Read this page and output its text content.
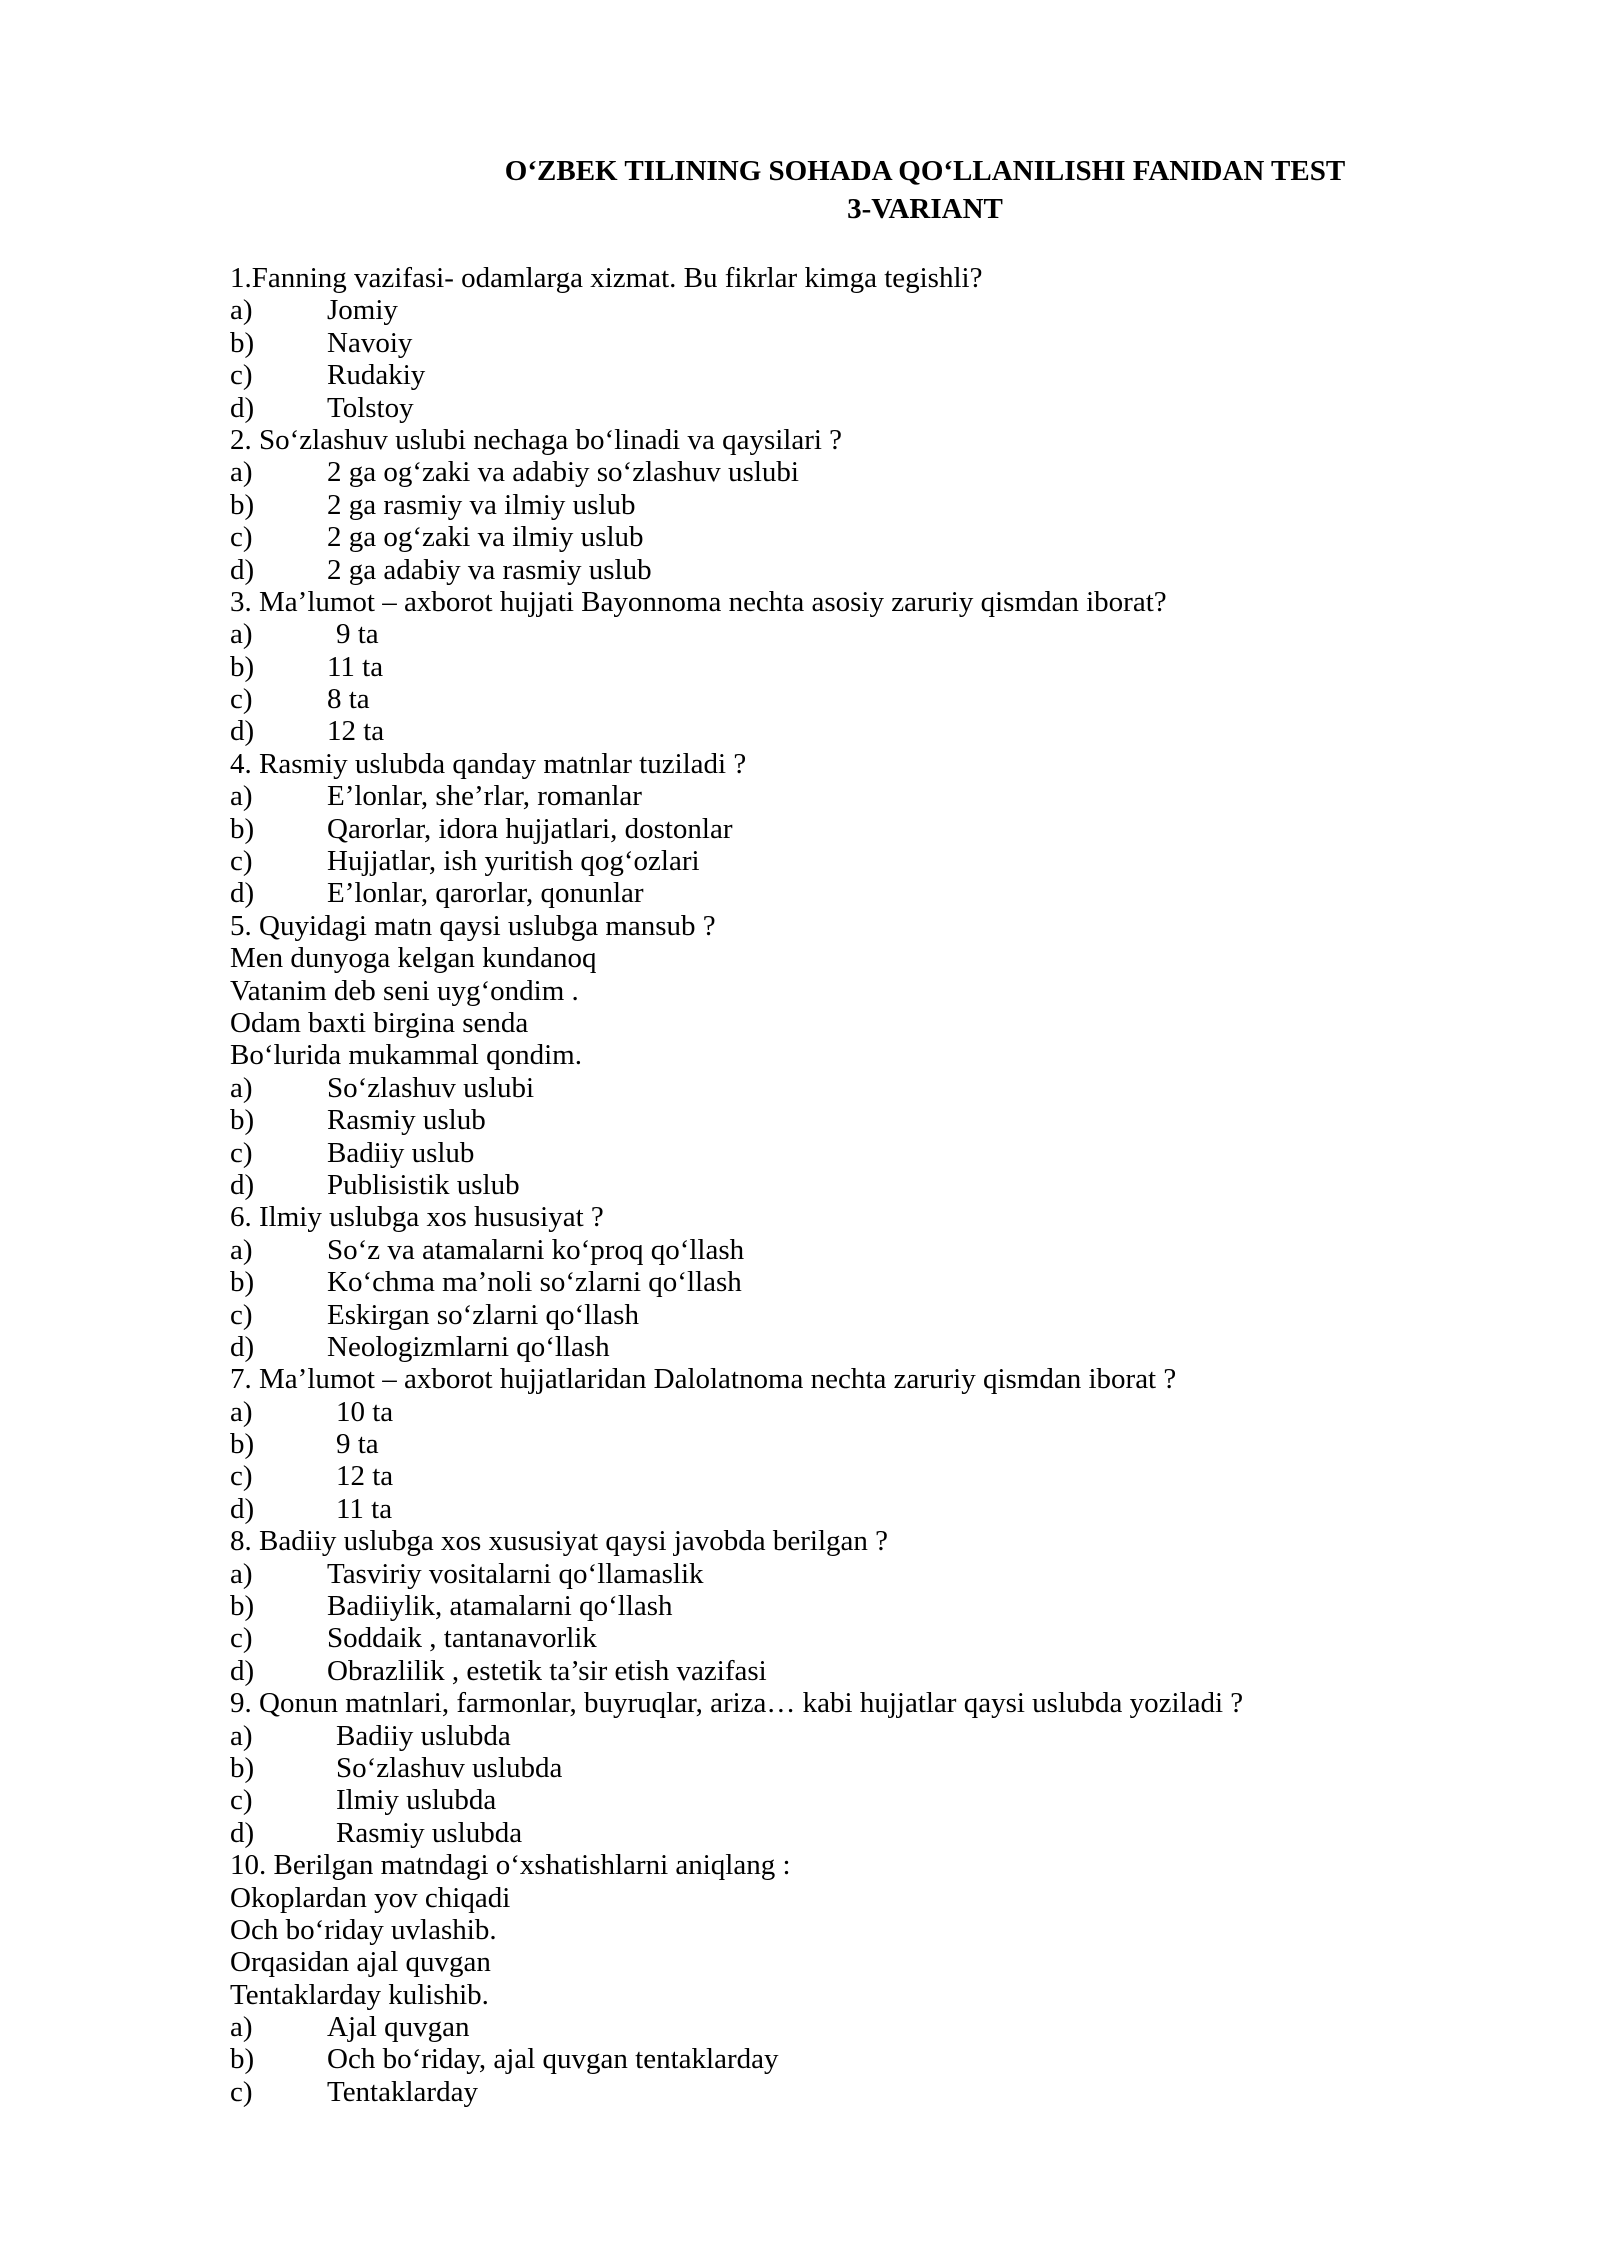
O‘ZBEK TILINING SOHADA QO‘LLANILISHI FANIDAN TEST
3-VARIANT
1.Fanning vazifasi- odamlarga xizmat. Bu fikrlar kimga tegishli?
a)	Jomiy
b)	Navoiy
c)	Rudakiy
d)	Tolstoy
2. So‘zlashuv uslubi nechaga bo‘linadi va qaysilari ?
a)	2 ga og‘zaki va adabiy so‘zlashuv uslubi
b)	2 ga rasmiy va ilmiy uslub
c)	2 ga og‘zaki va ilmiy uslub
d)	2 ga adabiy va rasmiy uslub
3. Ma’lumot – axborot hujjati Bayonnoma nechta asosiy zaruriy qismdan iborat?
a)	9 ta
b)	11 ta
c)	8 ta
d)	12 ta
4. Rasmiy uslubda qanday matnlar tuziladi ?
a)	E’lonlar, she’rlar, romanlar
b)	Qarorlar, idora hujjatlari, dostonlar
c)	Hujjatlar, ish yuritish qog‘ozlari
d)	E’lonlar, qarorlar, qonunlar
5. Quyidagi matn qaysi uslubga mansub ?
Men dunyoga kelgan kundanoq
Vatanim deb seni uyg‘ondim .
Odam baxti birgina senda
Bo‘lurida mukammal qondim.
a)	So‘zlashuv uslubi
b)	Rasmiy uslub
c)	Badiiy uslub
d)	Publisistik uslub
6. Ilmiy uslubga xos hususiyat ?
a)	So‘z va atamalarni ko‘proq qo‘llash
b)	Ko‘chma ma’noli so‘zlarni qo‘llash
c)	Eskirgan so‘zlarni qo‘llash
d)	Neologizmlarni qo‘llash
7. Ma’lumot – axborot hujjatlaridan Dalolatnoma nechta zaruriy qismdan iborat ?
a)	10 ta
b)	9 ta
c)	12 ta
d)	11 ta
8. Badiiy uslubga xos xususiyat qaysi javobda berilgan ?
a)	Tasviriy vositalarni qo‘llamaslik
b)	Badiiylik, atamalarni qo‘llash
c)	Soddaik , tantanavorlik
d)	Obrazlilik , estetik ta’sir etish vazifasi
9. Qonun matnlari, farmonlar, buyruqlar, ariza… kabi hujjatlar qaysi uslubda yoziladi ?
a)	Badiiy uslubda
b)	So‘zlashuv uslubda
c)	Ilmiy uslubda
d)	Rasmiy uslubda
10. Berilgan matndagi o‘xshatishlarni aniqlang :
Okoplardan yov chiqadi
Och bo‘riday uvlashib.
Orqasidan ajal quvgan
Tentaklarday kulishib.
a)	Ajal quvgan
b)	Och bo‘riday, ajal quvgan tentaklarday
c)	Tentaklarday
